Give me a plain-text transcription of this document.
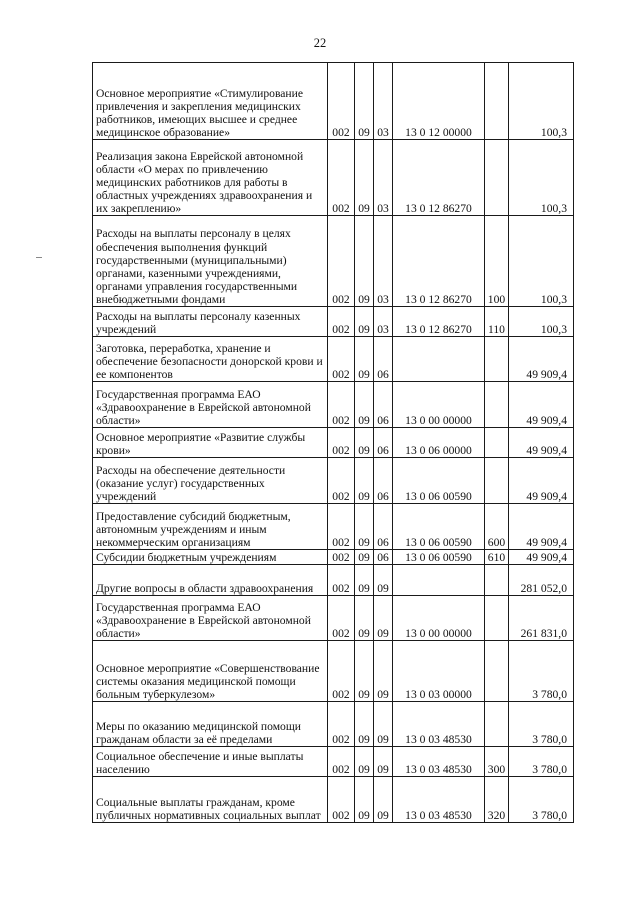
22
Основное мероприятие «Стимулирование привлечения и закрепления медицинских работников, имеющих высшее и среднее медицинское образование»	002	09	03	13 0 12 00000		100,3
Реализация закона Еврейской автономной области «О мерах по привлечению медицинских работников для работы в областных учреждениях здравоохранения и их закреплению»	002	09	03	13 0 12 86270		100,3
Расходы на выплаты персоналу в целях обеспечения выполнения функций государственными (муниципальными) органами, казенными учреждениями, органами управления государственными внебюджетными фондами	002	09	03	13 0 12 86270	100	100,3
Расходы на выплаты персоналу казенных учреждений	002	09	03	13 0 12 86270	110	100,3
Заготовка, переработка, хранение и обеспечение безопасности донорской крови и ее компонентов	002	09	06			49 909,4
Государственная программа ЕАО «Здравоохранение в Еврейской автономной области»	002	09	06	13 0 00 00000		49 909,4
Основное мероприятие «Развитие службы крови»	002	09	06	13 0 06 00000		49 909,4
Расходы на обеспечение деятельности (оказание услуг) государственных учреждений	002	09	06	13 0 06 00590		49 909,4
Предоставление субсидий бюджетным, автономным учреждениям и иным некоммерческим организациям	002	09	06	13 0 06 00590	600	49 909,4
Субсидии бюджетным учреждениям	002	09	06	13 0 06 00590	610	49 909,4
Другие вопросы в области здравоохранения	002	09	09			281 052,0
Государственная программа ЕАО «Здравоохранение в Еврейской автономной области»	002	09	09	13 0 00 00000		261 831,0
Основное мероприятие «Совершенствование системы оказания медицинской помощи больным туберкулезом»	002	09	09	13 0 03 00000		3 780,0
Меры по оказанию медицинской помощи гражданам области за её пределами	002	09	09	13 0 03 48530		3 780,0
Социальное обеспечение и иные выплаты населению	002	09	09	13 0 03 48530	300	3 780,0
Социальные выплаты гражданам, кроме публичных нормативных социальных выплат	002	09	09	13 0 03 48530	320	3 780,0
